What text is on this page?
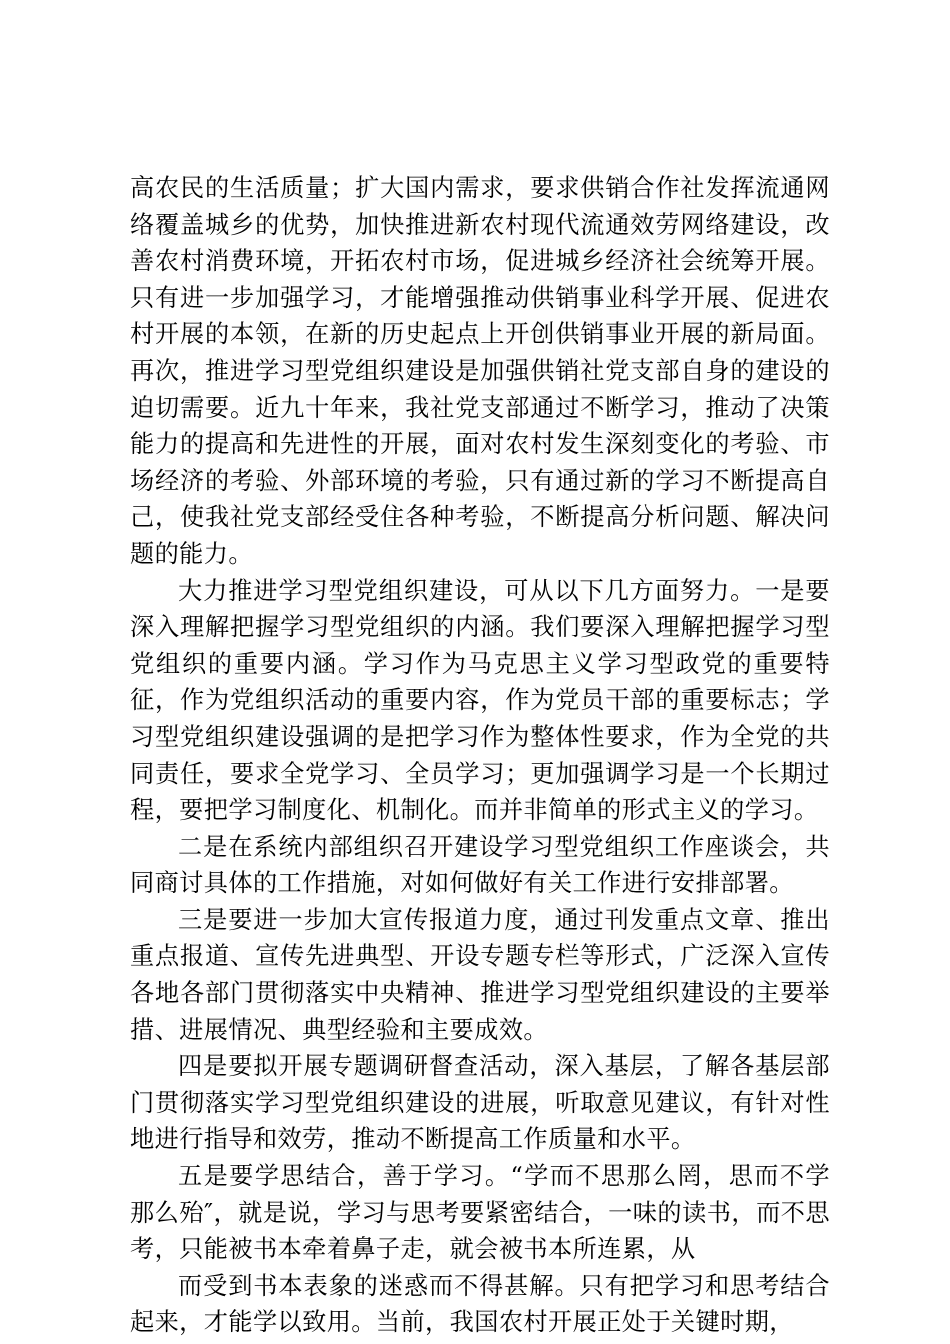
高农民的生活质量；扩大国内需求，要求供销合作社发挥流通网络覆盖城乡的优势，加快推进新农村现代流通效劳网络建设，改善农村消费环境，开拓农村市场，促进城乡经济社会统筹开展。只有进一步加强学习，才能增强推动供销事业科学开展、促进农村开展的本领，在新的历史起点上开创供销事业开展的新局面。再次，推进学习型党组织建设是加强供销社党支部自身的建设的迫切需要。近九十年来，我社党支部通过不断学习，推动了决策能力的提高和先进性的开展，面对农村发生深刻变化的考验、市场经济的考验、外部环境的考验，只有通过新的学习不断提高自己，使我社党支部经受住各种考验，不断提高分析问题、解决问题的能力。

大力推进学习型党组织建设，可从以下几方面努力。一是要深入理解把握学习型党组织的内涵。我们要深入理解把握学习型党组织的重要内涵。学习作为马克思主义学习型政党的重要特征，作为党组织活动的重要内容，作为党员干部的重要标志；学习型党组织建设强调的是把学习作为整体性要求，作为全党的共同责任，要求全党学习、全员学习；更加强调学习是一个长期过程，要把学习制度化、机制化。而并非简单的形式主义的学习。

二是在系统内部组织召开建设学习型党组织工作座谈会，共同商讨具体的工作措施，对如何做好有关工作进行安排部署。

三是要进一步加大宣传报道力度，通过刊发重点文章、推出重点报道、宣传先进典型、开设专题专栏等形式，广泛深入宣传各地各部门贯彻落实中央精神、推进学习型党组织建设的主要举措、进展情况、典型经验和主要成效。

四是要拟开展专题调研督查活动，深入基层，了解各基层部门贯彻落实学习型党组织建设的进展，听取意见建议，有针对性地进行指导和效劳，推动不断提高工作质量和水平。

五是要学思结合，善于学习。“学而不思那么罔，思而不学那么殆″，就是说，学习与思考要紧密结合，一味的读书，而不思考，只能被书本牵着鼻子走，就会被书本所连累，从

而受到书本表象的迷惑而不得甚解。只有把学习和思考结合起来，才能学以致用。当前，我国农村开展正处于关键时期，
